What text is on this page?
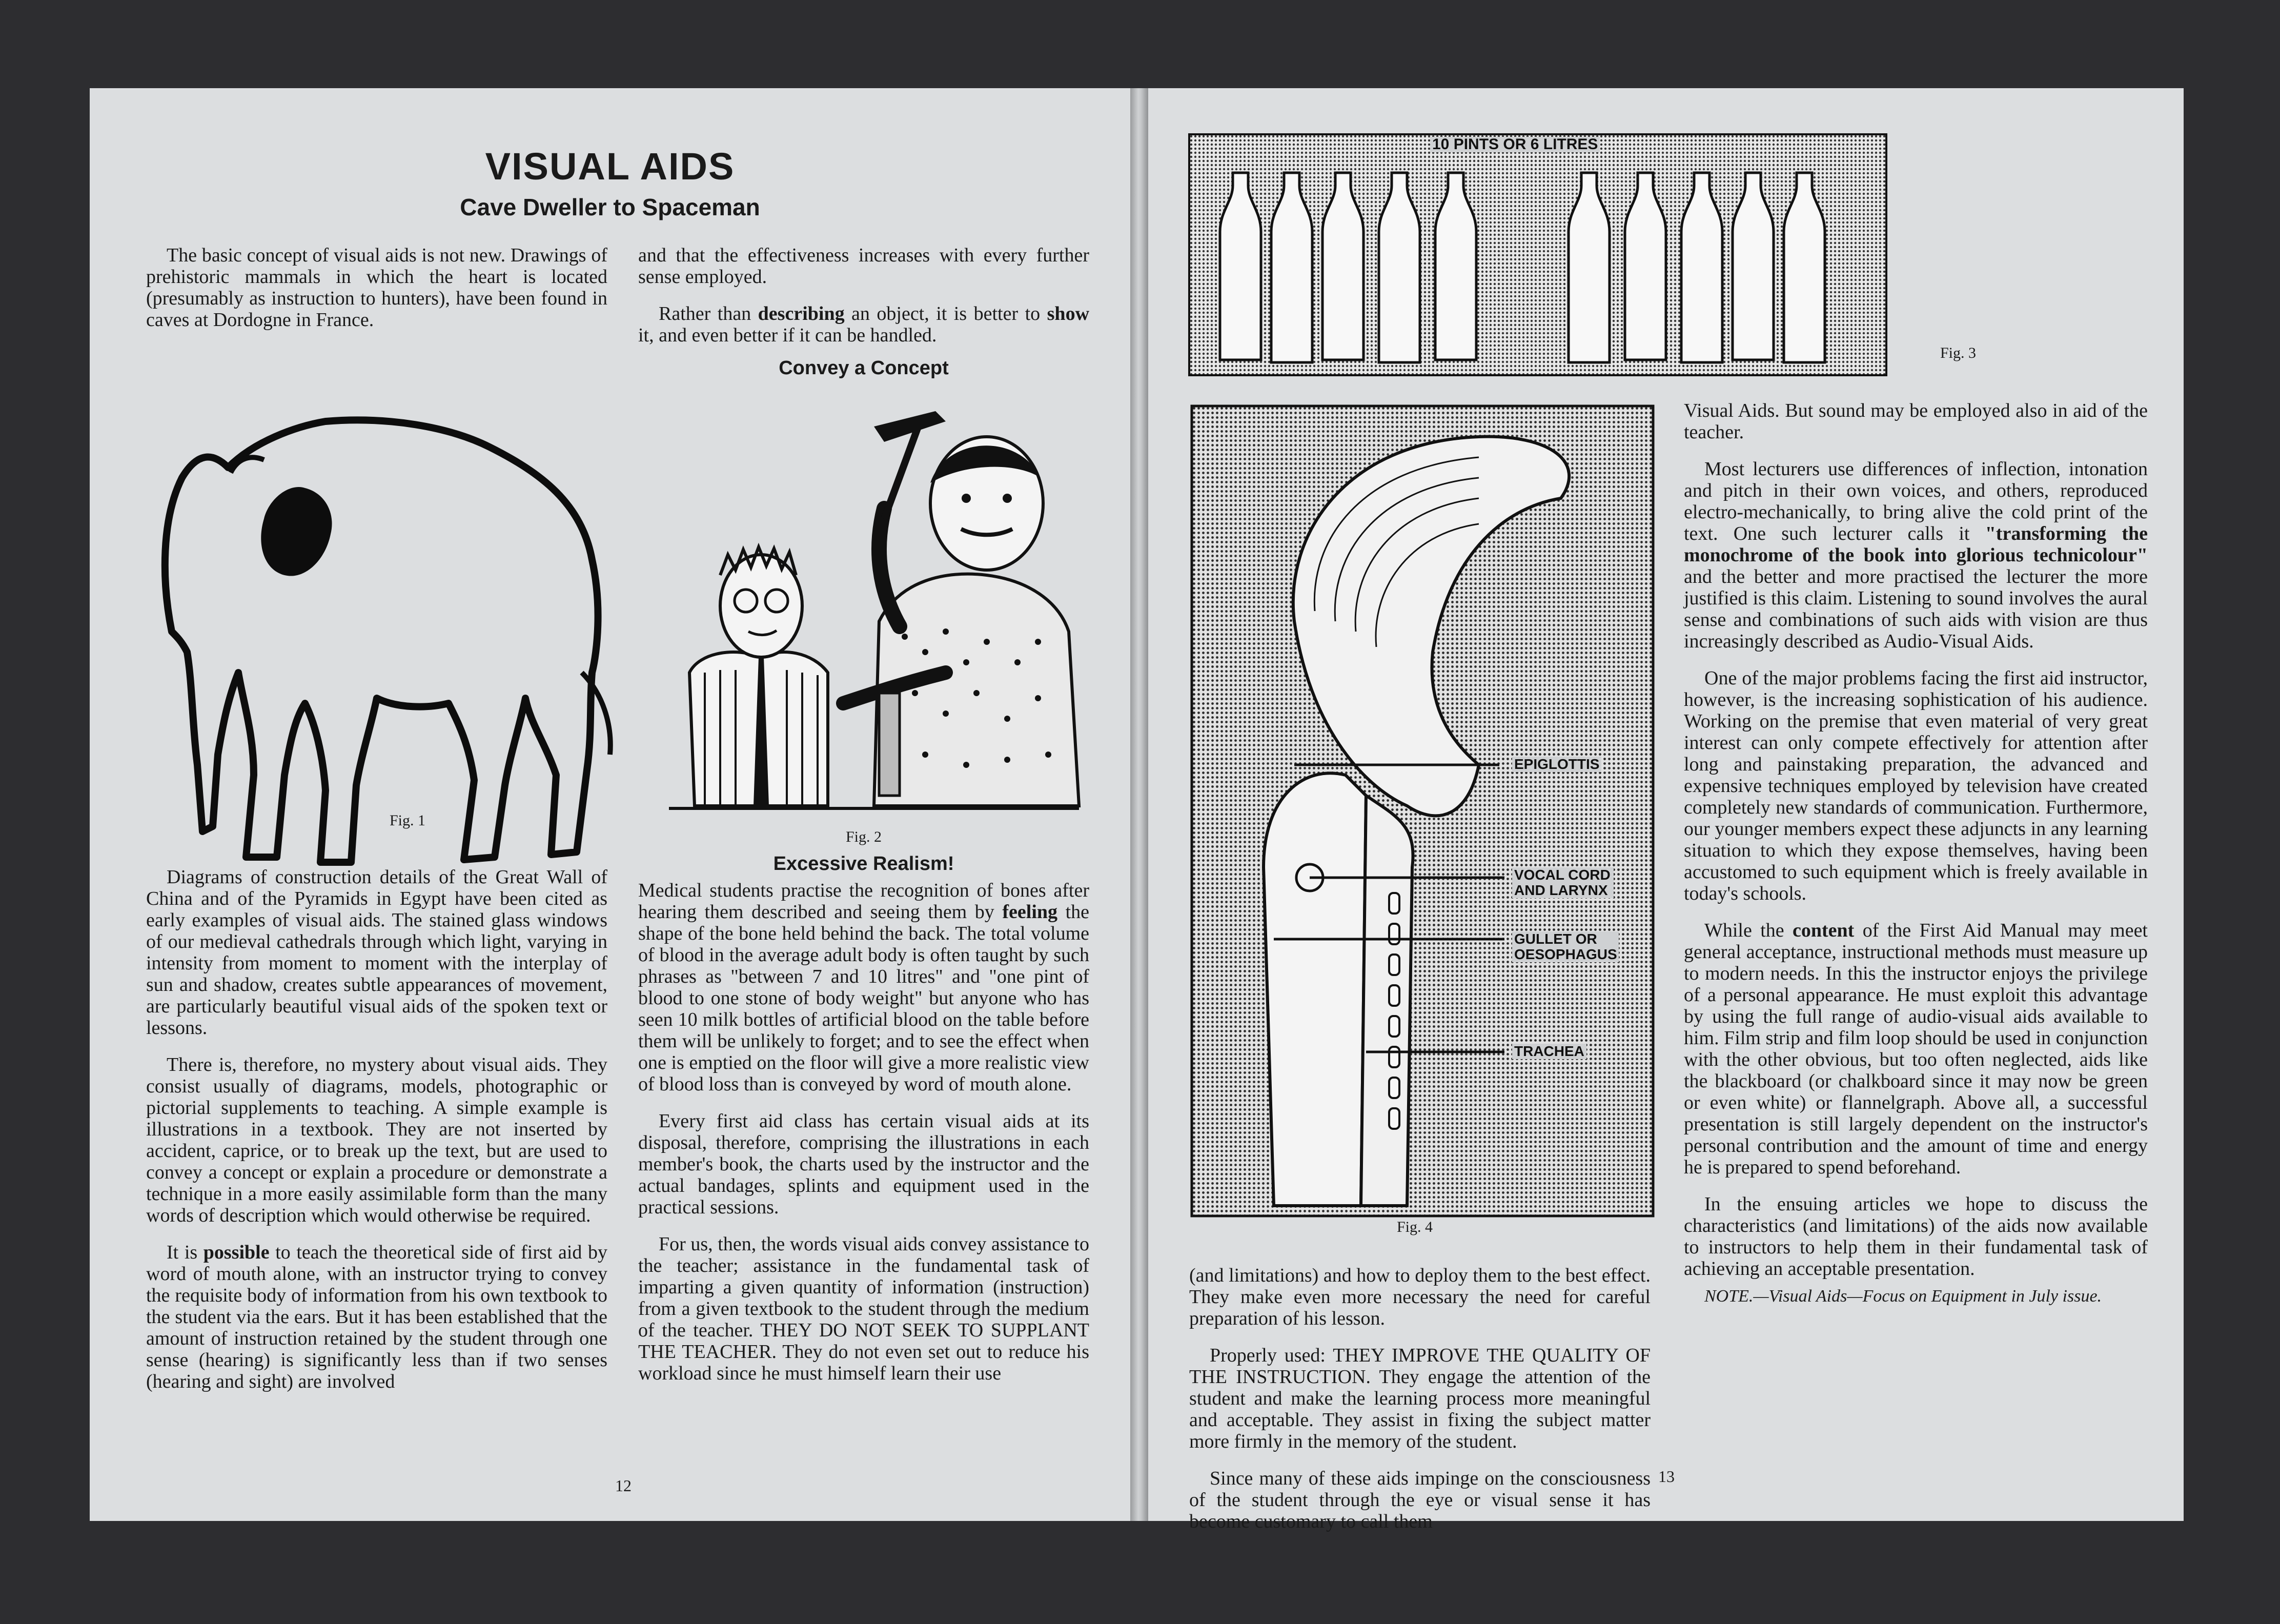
VISUAL AIDS
Cave Dweller to Spaceman

The basic concept of visual aids is not new. Drawings of prehistoric mammals in which the heart is located (presumably as instruction to hunters), have been found in caves at Dordogne in France.

Fig. 1

Diagrams of construction details of the Great Wall of China and of the Pyramids in Egypt have been cited as early examples of visual aids. The stained glass windows of our medieval cathedrals through which light, varying in intensity from moment to moment with the interplay of sun and shadow, creates subtle appearances of movement, are particularly beautiful visual aids of the spoken text or lessons.

There is, therefore, no mystery about visual aids. They consist usually of diagrams, models, photographic or pictorial supplements to teaching. A simple example is illustrations in a textbook. They are not inserted by accident, caprice, or to break up the text, but are used to convey a concept or explain a procedure or demonstrate a technique in a more easily assimilable form than the many words of description which would otherwise be required.

It is possible to teach the theoretical side of first aid by word of mouth alone, with an instructor trying to convey the requisite body of information from his own textbook to the student via the ears. But it has been established that the amount of instruction retained by the student through one sense (hearing) is significantly less than if two senses (hearing and sight) are involved

and that the effectiveness increases with every further sense employed.

Rather than describing an object, it is better to show it, and even better if it can be handled.

Convey a Concept
Fig. 2
Excessive Realism!

Medical students practise the recognition of bones after hearing them described and seeing them by feeling the shape of the bone held behind the back. The total volume of blood in the average adult body is often taught by such phrases as "between 7 and 10 litres" and "one pint of blood to one stone of body weight" but anyone who has seen 10 milk bottles of artificial blood on the table before them will be unlikely to forget; and to see the effect when one is emptied on the floor will give a more realistic view of blood loss than is conveyed by word of mouth alone.

Every first aid class has certain visual aids at its disposal, therefore, comprising the illustrations in each member's book, the charts used by the instructor and the actual bandages, splints and equipment used in the practical sessions.

For us, then, the words visual aids convey assistance to the teacher; assistance in the fundamental task of imparting a given quantity of information (instruction) from a given textbook to the student through the medium of the teacher. THEY DO NOT SEEK TO SUPPLANT THE TEACHER. They do not even set out to reduce his workload since he must himself learn their use

12
10 PINTS OR 6 LITRES
Fig. 3
EPIGLOTTIS
VOCAL CORD AND LARYNX
GULLET OR OESOPHAGUS
TRACHEA
Fig. 4

(and limitations) and how to deploy them to the best effect. They make even more necessary the need for careful preparation of his lesson.

Properly used: THEY IMPROVE THE QUALITY OF THE INSTRUCTION. They engage the attention of the student and make the learning process more meaningful and acceptable. They assist in fixing the subject matter more firmly in the memory of the student.

Since many of these aids impinge on the consciousness of the student through the eye or visual sense it has become customary to call them

Visual Aids. But sound may be employed also in aid of the teacher.

Most lecturers use differences of inflection, intonation and pitch in their own voices, and others, reproduced electro-mechanically, to bring alive the cold print of the text. One such lecturer calls it "transforming the monochrome of the book into glorious technicolour" and the better and more practised the lecturer the more justified is this claim. Listening to sound involves the aural sense and combinations of such aids with vision are thus increasingly described as Audio-Visual Aids.

One of the major problems facing the first aid instructor, however, is the increasing sophistication of his audience. Working on the premise that even material of very great interest can only compete effectively for attention after long and painstaking preparation, the advanced and expensive techniques employed by television have created completely new standards of communication. Furthermore, our younger members expect these adjuncts in any learning situation to which they expose themselves, having been accustomed to such equipment which is freely available in today's schools.

While the content of the First Aid Manual may meet general acceptance, instructional methods must measure up to modern needs. In this the instructor enjoys the privilege of a personal appearance. He must exploit this advantage by using the full range of audio-visual aids available to him. Film strip and film loop should be used in conjunction with the other obvious, but too often neglected, aids like the blackboard (or chalkboard since it may now be green or even white) or flannelgraph. Above all, a successful presentation is still largely dependent on the instructor's personal contribution and the amount of time and energy he is prepared to spend beforehand.

In the ensuing articles we hope to discuss the characteristics (and limitations) of the aids now available to instructors to help them in their fundamental task of achieving an acceptable presentation.

NOTE.—Visual Aids—Focus on Equipment in July issue.

13
